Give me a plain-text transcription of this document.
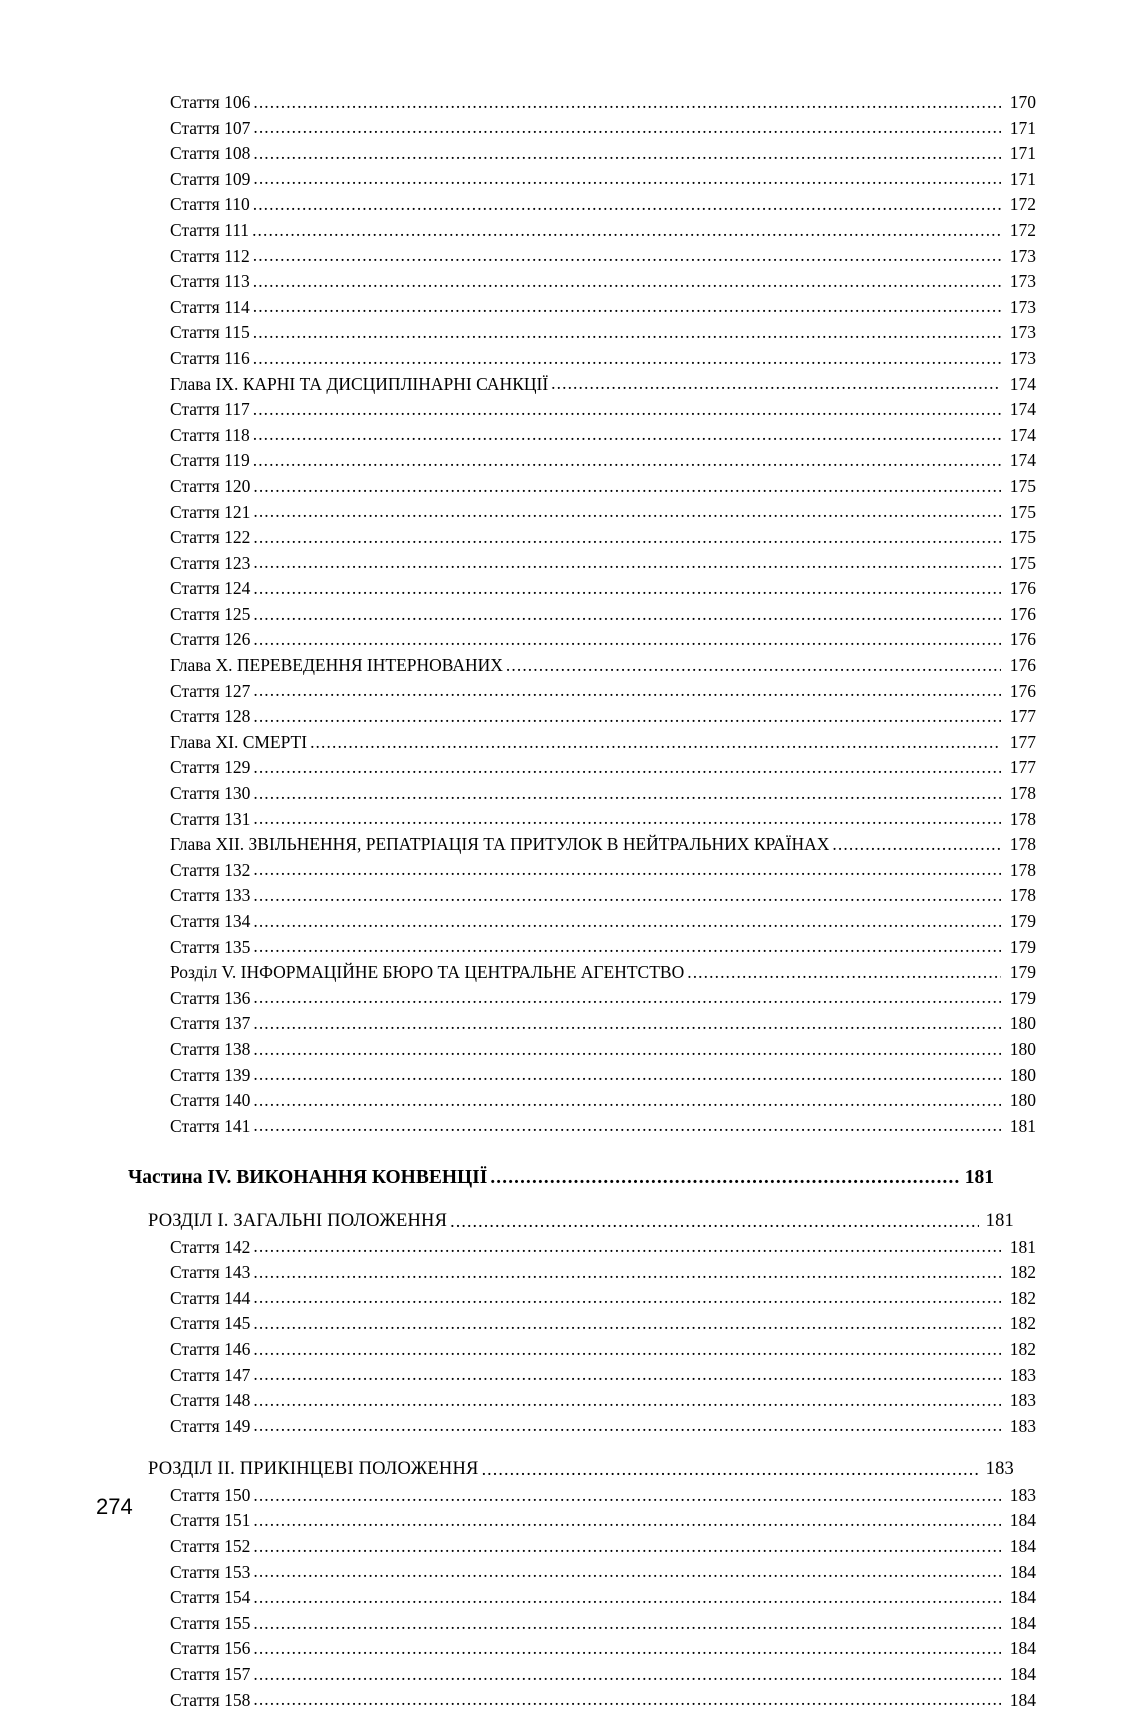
Стаття 106 .....	170
Стаття 107 .....	171
Стаття 108 .....	171
Стаття 109 .....	171
Стаття 110 .....	172
Стаття 111 .....	172
Стаття 112 .....	173
Стаття 113 .....	173
Стаття 114 .....	173
Стаття 115 .....	173
Стаття 116 .....	173
Глава IX. КАРНІ ТА ДИСЦИПЛІНАРНІ САНКЦІЇ .....	174
Стаття 117 .....	174
Стаття 118 .....	174
Стаття 119 .....	174
Стаття 120 .....	175
Стаття 121 .....	175
Стаття 122 .....	175
Стаття 123 .....	175
Стаття 124 .....	176
Стаття 125 .....	176
Стаття 126 .....	176
Глава X. ПЕРЕВЕДЕННЯ ІНТЕРНОВАНИХ .....	176
Стаття 127 .....	176
Стаття 128 .....	177
Глава XI. СМЕРТІ .....	177
Стаття 129 .....	177
Стаття 130 .....	178
Стаття 131 .....	178
Глава XII. ЗВІЛЬНЕННЯ, РЕПАТРІАЦІЯ ТА ПРИТУЛОК В НЕЙТРАЛЬНИХ КРАЇНАХ .....	178
Стаття 132 .....	178
Стаття 133 .....	178
Стаття 134 .....	179
Стаття 135 .....	179
Розділ V. ІНФОРМАЦІЙНЕ БЮРО ТА ЦЕНТРАЛЬНЕ АГЕНТСТВО .....	179
Стаття 136 .....	179
Стаття 137 .....	180
Стаття 138 .....	180
Стаття 139 .....	180
Стаття 140 .....	180
Стаття 141 .....	181
Частина IV. ВИКОНАННЯ КОНВЕНЦІЇ .....	181
РОЗДІЛ I. ЗАГАЛЬНІ ПОЛОЖЕННЯ .....	181
Стаття 142 .....	181
Стаття 143 .....	182
Стаття 144 .....	182
Стаття 145 .....	182
Стаття 146 .....	182
Стаття 147 .....	183
Стаття 148 .....	183
Стаття 149 .....	183
РОЗДІЛ II. ПРИКІНЦЕВІ ПОЛОЖЕННЯ .....	183
Стаття 150 .....	183
Стаття 151 .....	184
Стаття 152 .....	184
Стаття 153 .....	184
Стаття 154 .....	184
Стаття 155 .....	184
Стаття 156 .....	184
Стаття 157 .....	184
Стаття 158 .....	184
274
